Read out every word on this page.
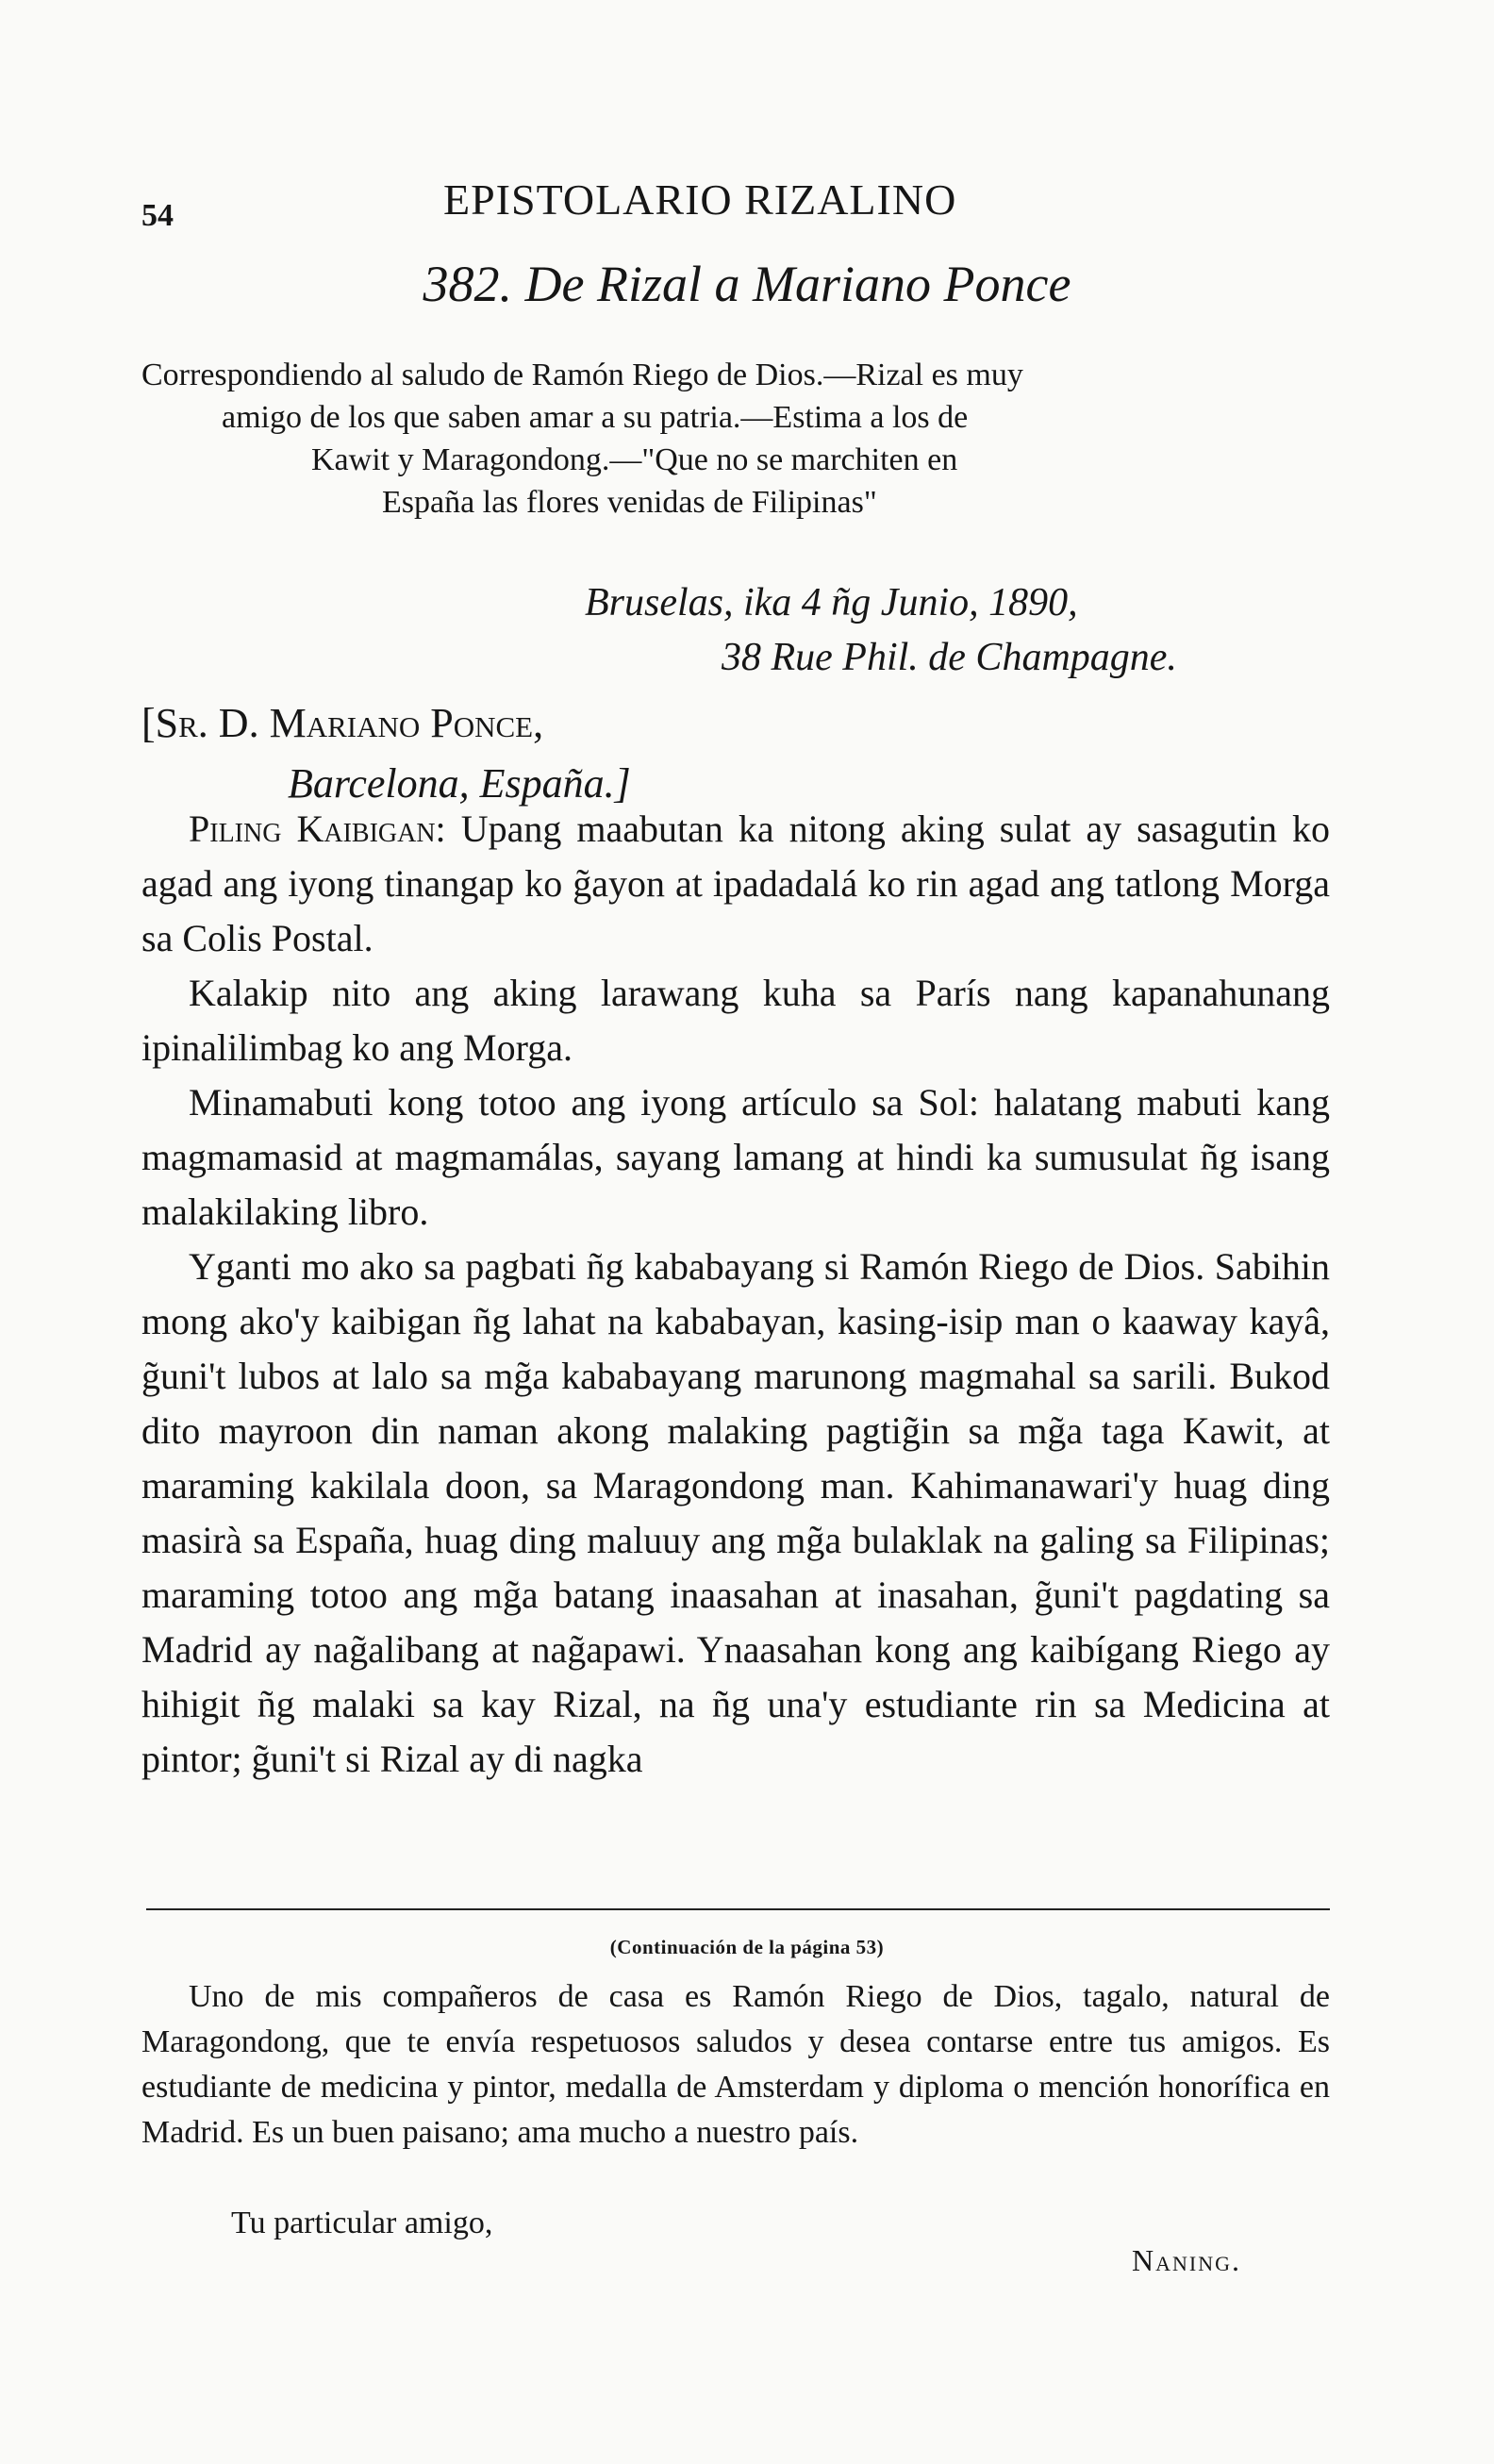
54	EPISTOLARIO RIZALINO
382. De Rizal a Mariano Ponce
Correspondiendo al saludo de Ramón Riego de Dios.—Rizal es muy
amigo de los que saben amar a su patria.—Estima a los de
Kawit y Maragondong.—"Que no se marchiten en
España las flores venidas de Filipinas"
Bruselas, ika 4 ñg Junio, 1890,
38 Rue Phil. de Champagne.
[Sr. D. Mariano Ponce,
Barcelona, España.]

Piling Kaibigan: Upang maabutan ka nitong aking sulat ay sasagutin ko agad ang iyong tinangap ko g̃ayon at ipadadalá ko rin agad ang tatlong Morga sa Colis Postal.

Kalakip nito ang aking larawang kuha sa París nang kapanahunang ipinalilimbag ko ang Morga.

Minamabuti kong totoo ang iyong artículo sa Sol: halatang mabuti kang magmamasid at magmamálas, sayang lamang at hindi ka sumusulat ñg isang malakilaking libro.

Yganti mo ako sa pagbati ñg kababayang si Ramón Riego de Dios. Sabihin mong ako'y kaibigan ñg lahat na kababayan, kasing-isip man o kaaway kayâ, g̃uni't lubos at lalo sa mg̃a kababayang marunong magmahal sa sarili. Bukod dito mayroon din naman akong malaking pagtig̃in sa mg̃a taga Kawit, at maraming kakilala doon, sa Maragondong man. Kahimanawari'y huag ding masirà sa España, huag ding maluuy ang mg̃a bulaklak na galing sa Filipinas; maraming totoo ang mg̃a batang inaasahan at inasahan, g̃uni't pagdating sa Madrid ay nag̃alibang at nag̃apawi. Ynaasahan kong ang kaibígang Riego ay hihigit ñg malaki sa kay Rizal, na ñg una'y estudiante rin sa Medicina at pintor; g̃uni't si Rizal ay di nagka

(Continuación de la página 53)

Uno de mis compañeros de casa es Ramón Riego de Dios, tagalo, natural de Maragondong, que te envía respetuosos saludos y desea contarse entre tus amigos. Es estudiante de medicina y pintor, medalla de Amsterdam y diploma o mención honorífica en Madrid. Es un buen paisano; ama mucho a nuestro país.

Tu particular amigo,
Naning.
